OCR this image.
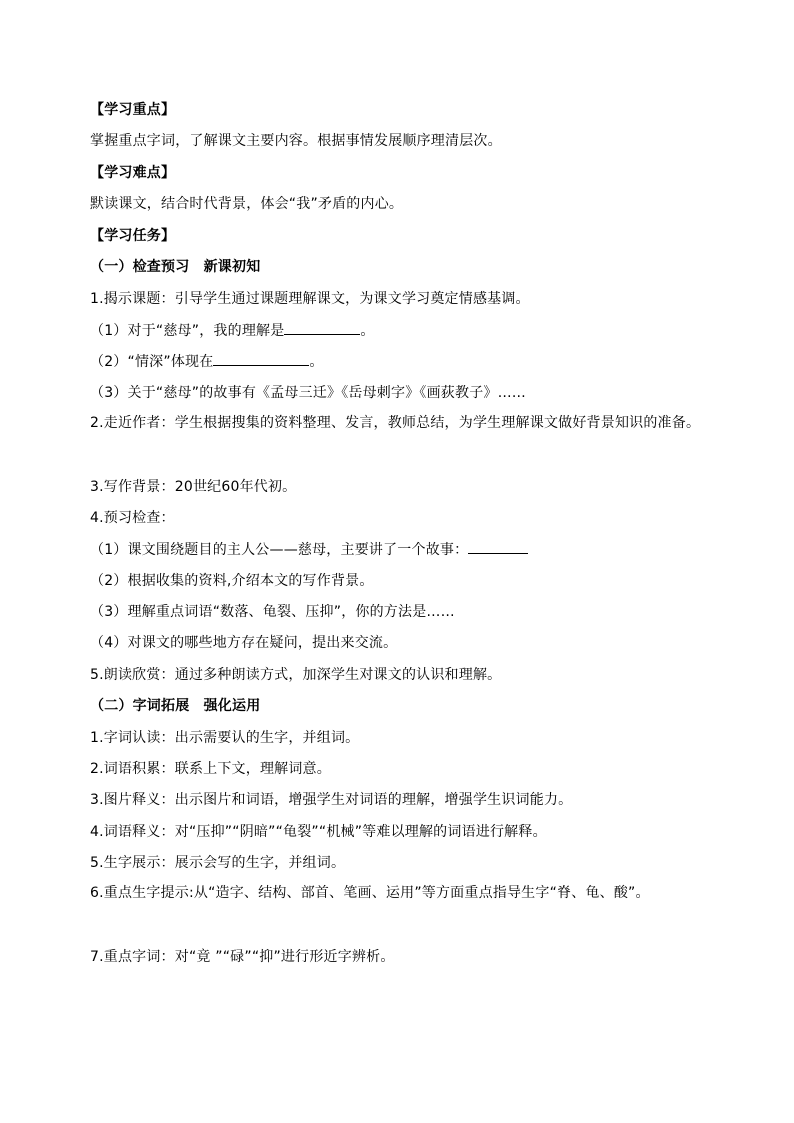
【学习重点】
掌握重点字词，了解课文主要内容。根据事情发展顺序理清层次。
【学习难点】
默读课文，结合时代背景，体会“我”矛盾的内心。
【学习任务】
（一）检查预习　新课初知
1.揭示课题：引导学生通过课题理解课文，为课文学习奠定情感基调。
（1）对于“慈母”，我的理解是	。
（2）“情深”体现在	。
（3）关于“慈母”的故事有《孟母三迁》《岳母刺字》《画荻教子》……
2.走近作者：学生根据搜集的资料整理、发言，教师总结，为学生理解课文做好背景知识的准备。
3.写作背景：20世纪60年代初。
4.预习检查：
（1）课文围绕题目的主人公——慈母，主要讲了一个故事：
（2）根据收集的资料,介绍本文的写作背景。
（3）理解重点词语“数落、龟裂、压抑”，你的方法是……
（4）对课文的哪些地方存在疑问，提出来交流。
5.朗读欣赏：通过多种朗读方式，加深学生对课文的认识和理解。
（二）字词拓展　强化运用
1.字词认读：出示需要认的生字，并组词。
2.词语积累：联系上下文，理解词意。
3.图片释义：出示图片和词语，增强学生对词语的理解，增强学生识词能力。
4.词语释义：对“压抑”“阴暗”“龟裂”“机械”等难以理解的词语进行解释。
5.生字展示：展示会写的生字，并组词。
6.重点生字提示:从“造字、结构、部首、笔画、运用”等方面重点指导生字“脊、龟、酸”。
7.重点字词：对“竟 ”“碌”“抑”进行形近字辨析。
